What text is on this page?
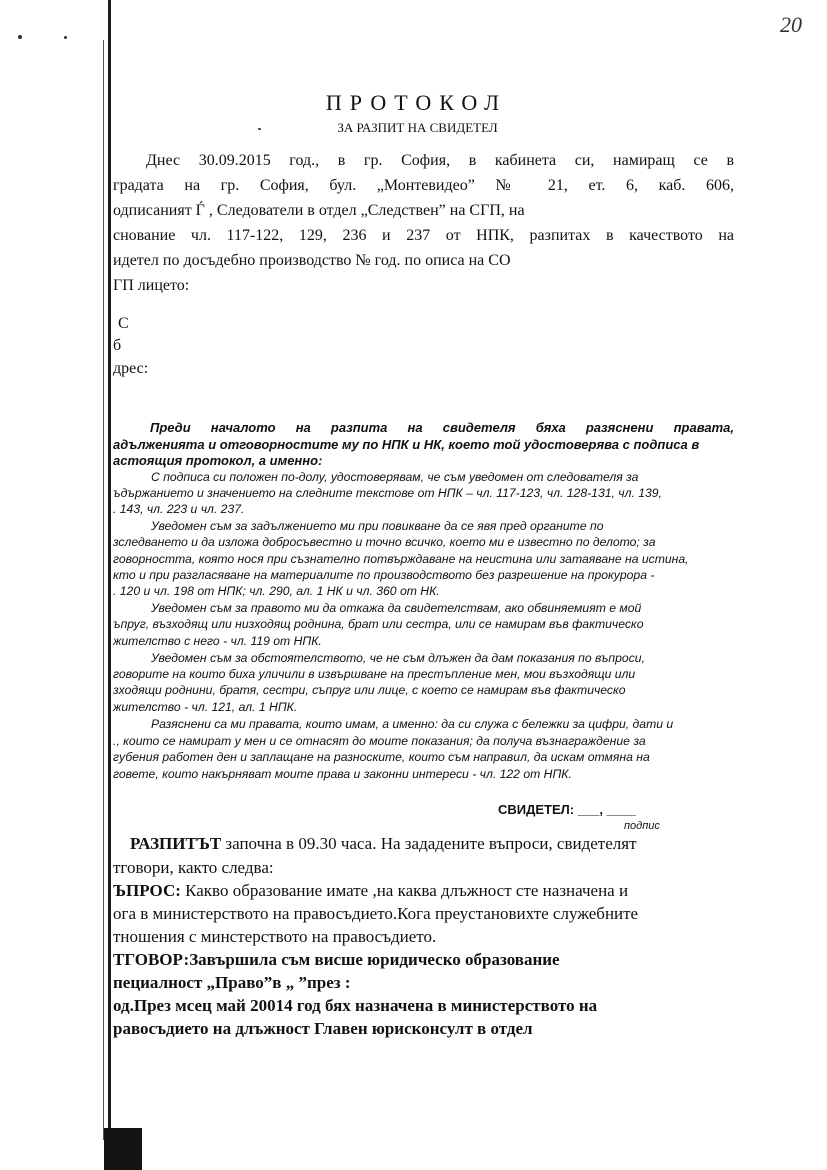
20
ПРОТОКОЛ
ЗА РАЗПИТ НА СВИДЕТЕЛ
Днес 30.09.2015 год., в гр. София, в кабинета си, намиращ се в
градата на гр. София, бул. „Монтевидео” № 21, ет. 6, каб. 606,
одписаният Ѓ , Следователи в отдел „Следствен” на СГП, на
снование чл. 117-122, 129, 236 и 237 от НПК, разпитах в качеството на
идетел по досъдебно производство № год. по описа на СО
ГП лицето:
С
б
дрес:
Преди началото на разпита на свидетеля бяха разяснени правата,
адълженията и отговорностите му по НПК и НК, което той удостоверява с подписа в
астоящия протокол, а именно:
С подписа си положен по-долу, удостоверявам, че съм уведомен от следователя за
ъдържанието и значението на следните текстове от НПК – чл. 117-123, чл. 128-131, чл. 139,
. 143, чл. 223 и чл. 237.
Уведомен съм за задължението ми при повикване да се явя пред органите по
зследването и да изложа добросъвестно и точно всичко, което ми е известно по делото; за
говорността, която нося при съзнателно потвърждаване на неистина или затаяване на истина,
кто и при разгласяване на материалите по производството без разрешение на прокурора -
. 120 и чл. 198 от НПК; чл. 290, ал. 1 НК и чл. 360 от НК.
Уведомен съм за правото ми да откажа да свидетелствам, ако обвиняемият е мой
ъпруг, възходящ или низходящ роднина, брат или сестра, или се намирам във фактическо
жителство с него - чл. 119 от НПК.
Уведомен съм за обстоятелството, че не съм длъжен да дам показания по въпроси,
говорите на които биха уличили в извършване на престъпление мен, мои възходящи или
зходящи роднини, братя, сестри, съпруг или лице, с което се намирам във фактическо
жителство - чл. 121, ал. 1 НПК.
Разяснени са ми правата, които имам, а именно: да си служа с бележки за цифри, дати и
., които се намират у мен и се отнасят до моите показания; да получа възнаграждение за
губения работен ден и заплащане на разноските, които съм направил, да искам отмяна на
говете, които накърняват моите права и законни интереси - чл. 122 от НПК.
СВИДЕТЕЛ: ___, ____
подпис
РАЗПИТЪТ започна в 09.30 часа. На зададените въпроси, свидетелят
тговори, както следва:
ЪПРОС: Какво образование имате ,на каква длъжност сте назначена и
ога в министерството на правосъдието.Кога преустановихте служебните
тношения с минстерството на правосъдието.
ТГОВОР:Завършила съм висше юридическо образование
пециалност „Право”в „ ”през :
од.През мсец май 20014 год бях назначена в министерството на
равосъдието на длъжност Главен юрисконсулт в отдел
